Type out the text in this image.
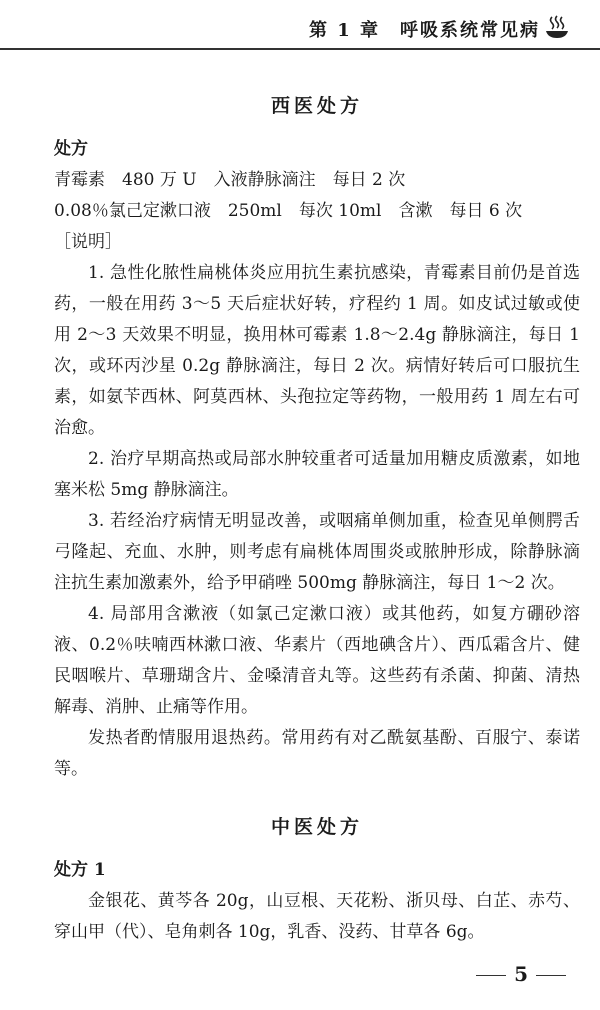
第 1 章　呼吸系统常见病
西医处方
处方
青霉素　480 万 U　入液静脉滴注　每日 2 次
0.08％氯己定漱口液　250ml　每次 10ml　含漱　每日 6 次
［说明］
1. 急性化脓性扁桃体炎应用抗生素抗感染，青霉素目前仍是首选药，一般在用药 3～5 天后症状好转，疗程约 1 周。如皮试过敏或使用 2～3 天效果不明显，换用林可霉素 1.8～2.4g 静脉滴注，每日 1 次，或环丙沙星 0.2g 静脉滴注，每日 2 次。病情好转后可口服抗生素，如氨苄西林、阿莫西林、头孢拉定等药物，一般用药 1 周左右可治愈。
2. 治疗早期高热或局部水肿较重者可适量加用糖皮质激素，如地塞米松 5mg 静脉滴注。
3. 若经治疗病情无明显改善，或咽痛单侧加重，检查见单侧腭舌弓隆起、充血、水肿，则考虑有扁桃体周围炎或脓肿形成，除静脉滴注抗生素加激素外，给予甲硝唑 500mg 静脉滴注，每日 1～2 次。
4. 局部用含漱液（如氯己定漱口液）或其他药，如复方硼砂溶液、0.2％呋喃西林漱口液、华素片（西地碘含片）、西瓜霜含片、健民咽喉片、草珊瑚含片、金嗓清音丸等。这些药有杀菌、抑菌、清热解毒、消肿、止痛等作用。
发热者酌情服用退热药。常用药有对乙酰氨基酚、百服宁、泰诺等。
中医处方
处方 1
金银花、黄芩各 20g，山豆根、天花粉、浙贝母、白芷、赤芍、穿山甲（代）、皂角刺各 10g，乳香、没药、甘草各 6g。
5
